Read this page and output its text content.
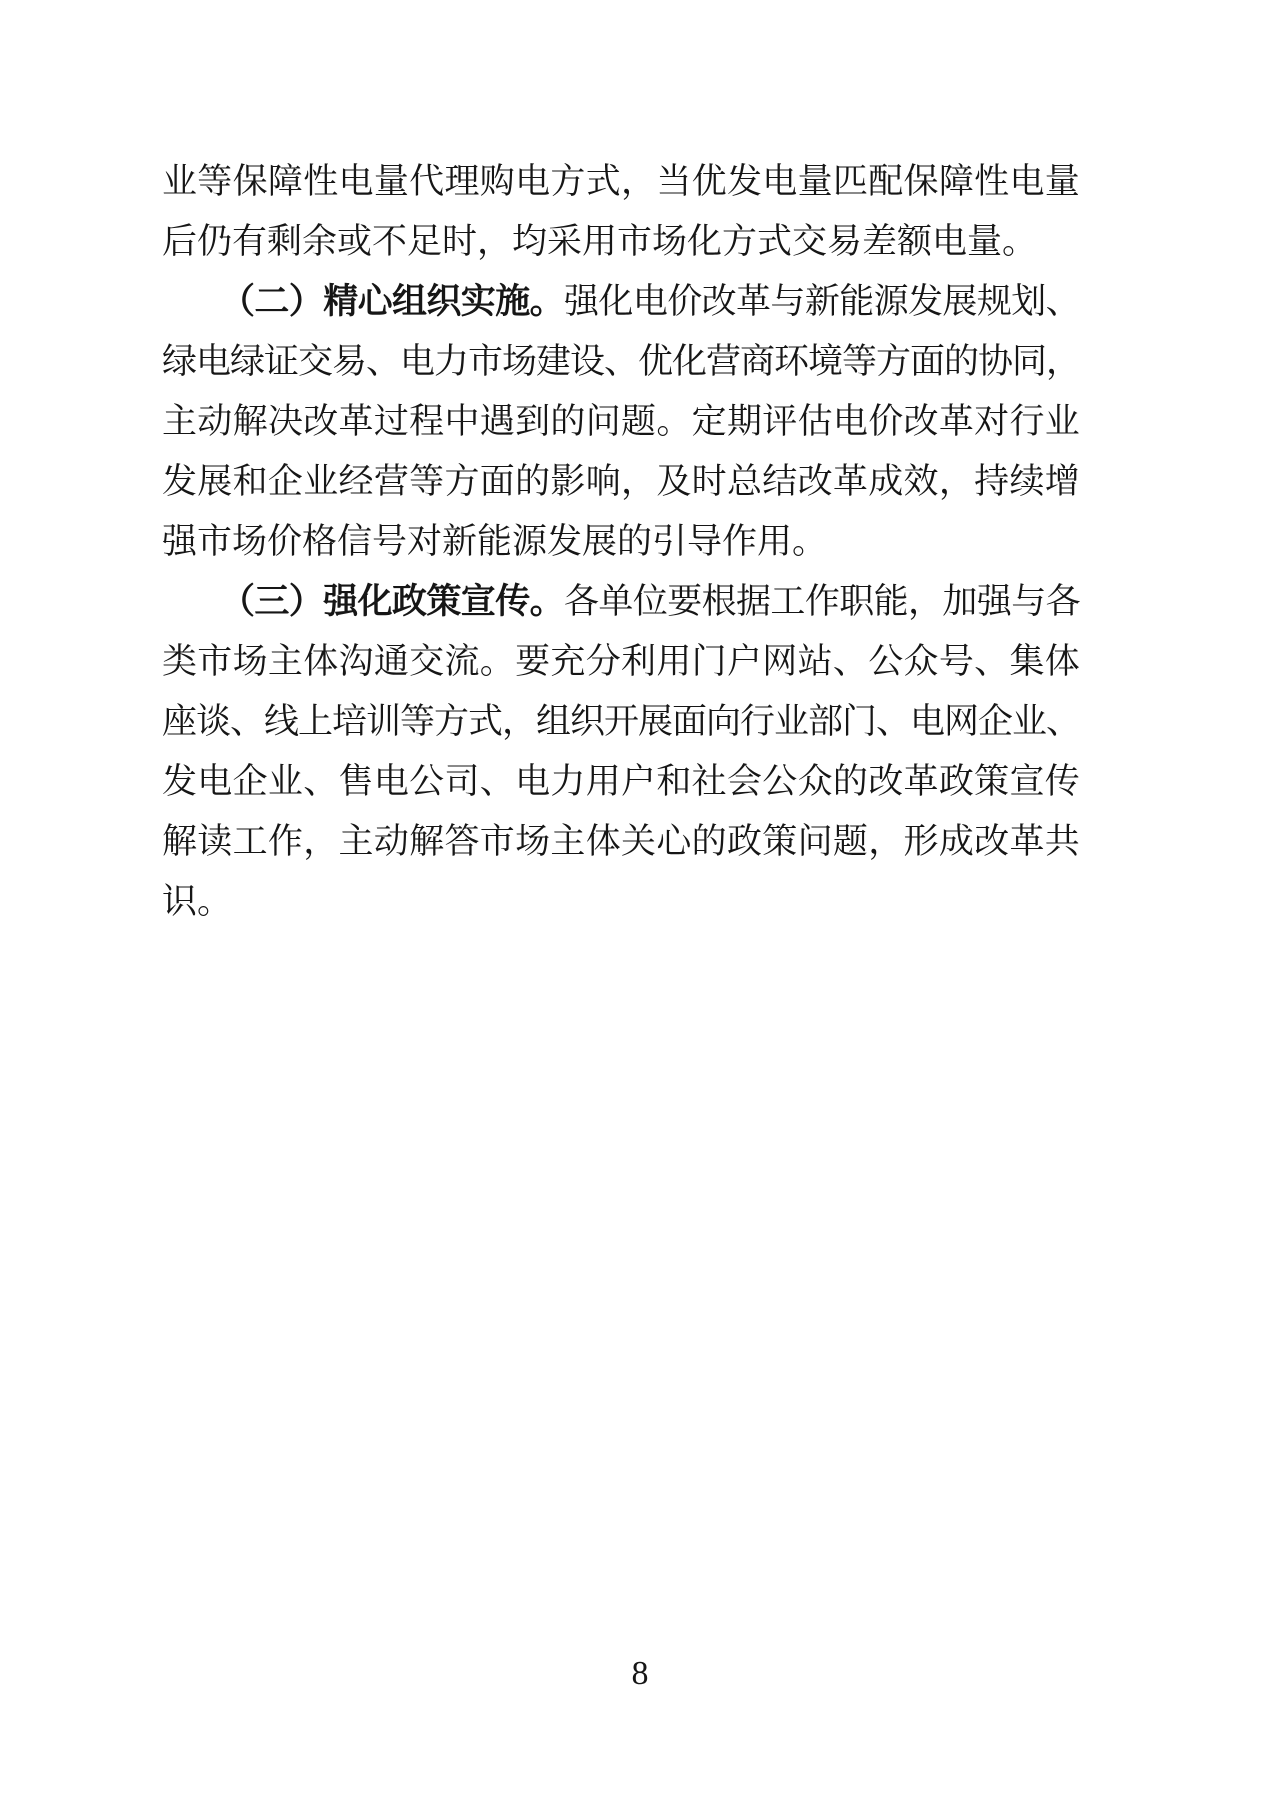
业等保障性电量代理购电方式，当优发电量匹配保障性电量
后仍有剩余或不足时，均采用市场化方式交易差额电量。
（二）精心组织实施。强化电价改革与新能源发展规划、
绿电绿证交易、电力市场建设、优化营商环境等方面的协同，
主动解决改革过程中遇到的问题。定期评估电价改革对行业
发展和企业经营等方面的影响，及时总结改革成效，持续增
强市场价格信号对新能源发展的引导作用。
（三）强化政策宣传。各单位要根据工作职能，加强与各
类市场主体沟通交流。要充分利用门户网站、公众号、集体
座谈、线上培训等方式，组织开展面向行业部门、电网企业、
发电企业、售电公司、电力用户和社会公众的改革政策宣传
解读工作，主动解答市场主体关心的政策问题，形成改革共
识。
8
